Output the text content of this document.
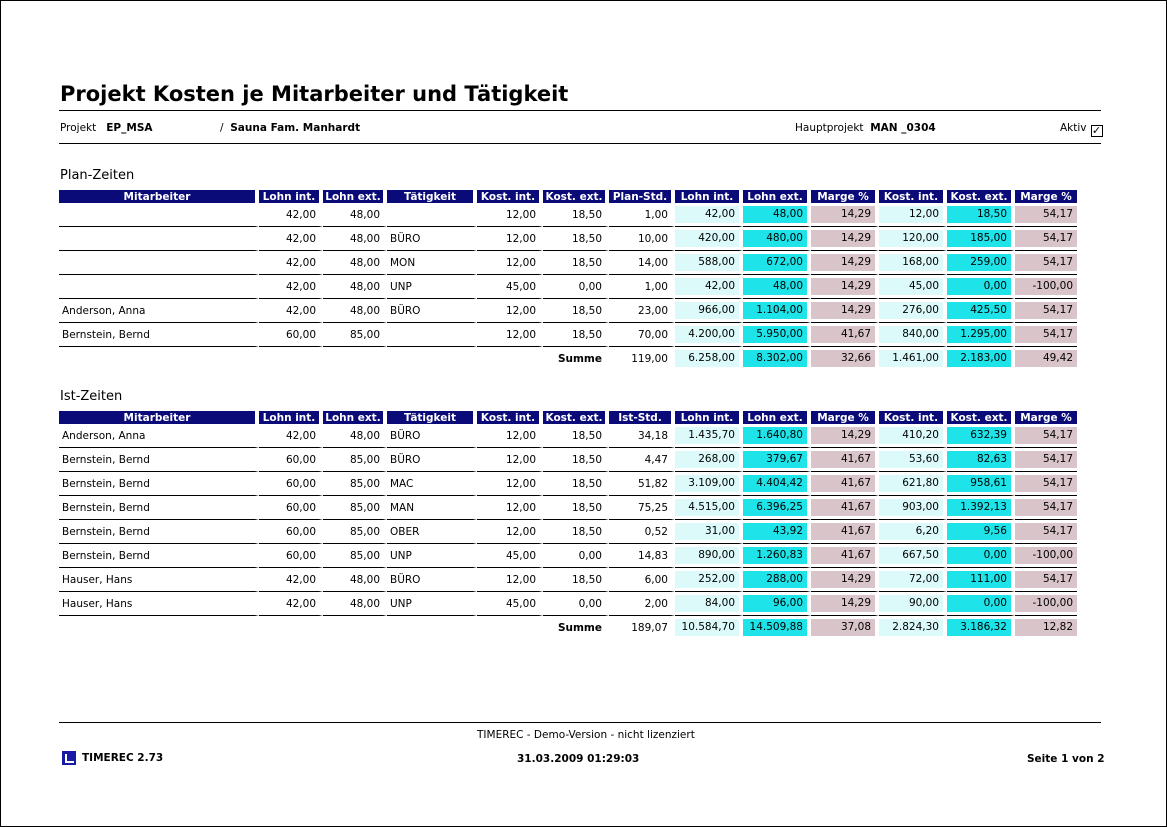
Projekt Kosten je Mitarbeiter und Tätigkeit
Projekt EP_MSA	/ Sauna Fam. Manhardt	Hauptprojekt MAN _0304	Aktiv ✓
Plan-Zeiten
Mitarbeiter	Lohn int.	Lohn ext.	Tätigkeit	Kost. int.	Kost. ext.	Plan-Std.	Lohn int.	Lohn ext.	Marge %	Kost. int.	Kost. ext.	Marge %
	42,00	48,00		12,00	18,50	1,00	42,00	48,00	14,29	12,00	18,50	54,17

	42,00	48,00	BÜRO	12,00	18,50	10,00	420,00	480,00	14,29	120,00	185,00	54,17

	42,00	48,00	MON	12,00	18,50	14,00	588,00	672,00	14,29	168,00	259,00	54,17

	42,00	48,00	UNP	45,00	0,00	1,00	42,00	48,00	14,29	45,00	0,00	-100,00

Anderson, Anna	42,00	48,00	BÜRO	12,00	18,50	23,00	966,00	1.104,00	14,29	276,00	425,50	54,17

Bernstein, Bernd	60,00	85,00		12,00	18,50	70,00	4.200,00	5.950,00	41,67	840,00	1.295,00	54,17

					Summe	119,00	6.258,00	8.302,00	32,66	1.461,00	2.183,00	49,42
Ist-Zeiten
Mitarbeiter	Lohn int.	Lohn ext.	Tätigkeit	Kost. int.	Kost. ext.	Ist-Std.	Lohn int.	Lohn ext.	Marge %	Kost. int.	Kost. ext.	Marge %
Anderson, Anna	42,00	48,00	BÜRO	12,00	18,50	34,18	1.435,70	1.640,80	14,29	410,20	632,39	54,17

Bernstein, Bernd	60,00	85,00	BÜRO	12,00	18,50	4,47	268,00	379,67	41,67	53,60	82,63	54,17

Bernstein, Bernd	60,00	85,00	MAC	12,00	18,50	51,82	3.109,00	4.404,42	41,67	621,80	958,61	54,17

Bernstein, Bernd	60,00	85,00	MAN	12,00	18,50	75,25	4.515,00	6.396,25	41,67	903,00	1.392,13	54,17

Bernstein, Bernd	60,00	85,00	OBER	12,00	18,50	0,52	31,00	43,92	41,67	6,20	9,56	54,17

Bernstein, Bernd	60,00	85,00	UNP	45,00	0,00	14,83	890,00	1.260,83	41,67	667,50	0,00	-100,00

Hauser, Hans	42,00	48,00	BÜRO	12,00	18,50	6,00	252,00	288,00	14,29	72,00	111,00	54,17

Hauser, Hans	42,00	48,00	UNP	45,00	0,00	2,00	84,00	96,00	14,29	90,00	0,00	-100,00

					Summe	189,07	10.584,70	14.509,88	37,08	2.824,30	3.186,32	12,82
TIMEREC - Demo-Version - nicht lizenziert
TIMEREC 2.73	31.03.2009 01:29:03	Seite 1 von 2
